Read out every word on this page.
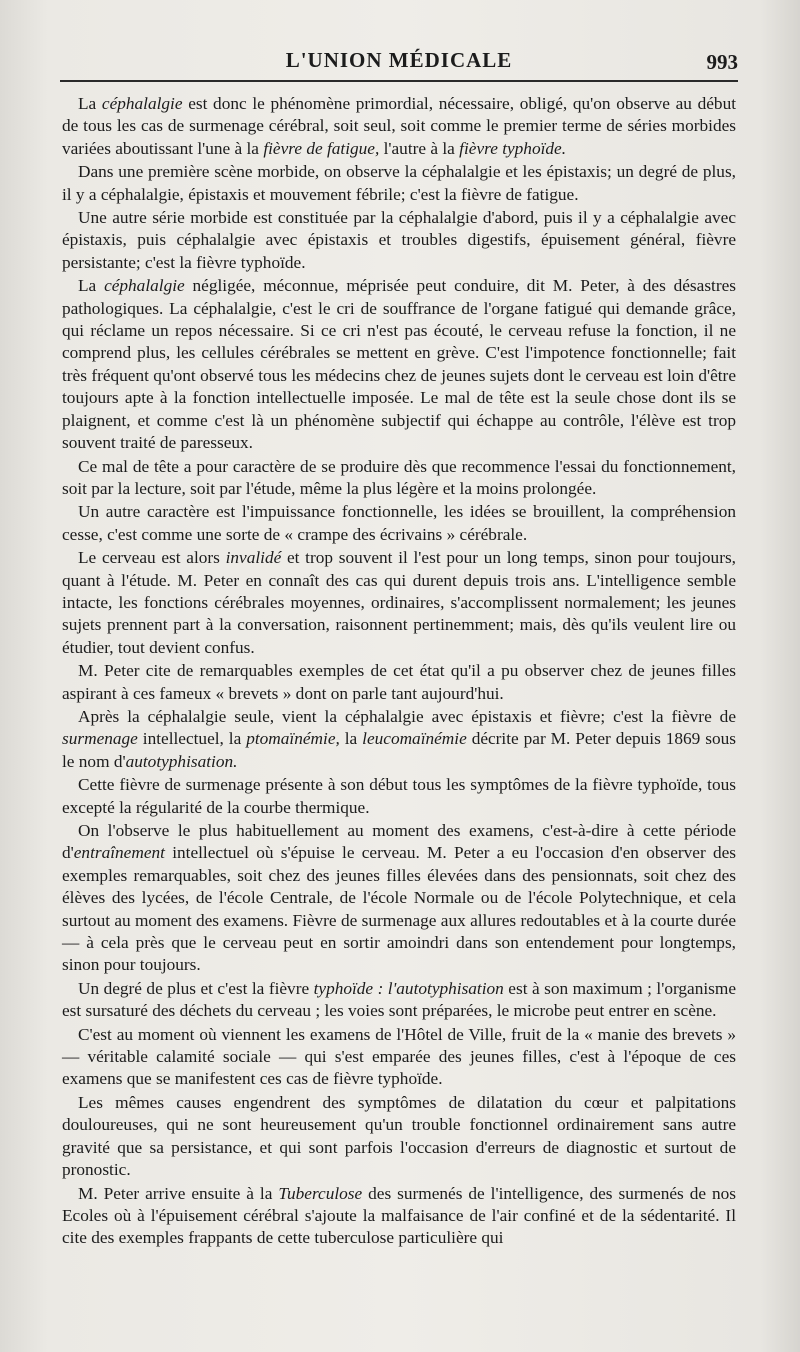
L'UNION MÉDICALE	993

La céphalalgie est donc le phénomène primordial, nécessaire, obligé, qu'on observe au début de tous les cas de surmenage cérébral, soit seul, soit comme le premier terme de séries morbides variées aboutissant l'une à la fièvre de fatigue, l'autre à la fièvre typhoïde.

Dans une première scène morbide, on observe la céphalalgie et les épistaxis; un degré de plus, il y a céphalalgie, épistaxis et mouvement fébrile; c'est la fièvre de fatigue.

Une autre série morbide est constituée par la céphalalgie d'abord, puis il y a céphalalgie avec épistaxis, puis céphalalgie avec épistaxis et troubles digestifs, épuisement général, fièvre persistante; c'est la fièvre typhoïde.

La céphalalgie négligée, méconnue, méprisée peut conduire, dit M. Peter, à des désastres pathologiques. La céphalalgie, c'est le cri de souffrance de l'organe fatigué qui demande grâce, qui réclame un repos nécessaire. Si ce cri n'est pas écouté, le cerveau refuse la fonction, il ne comprend plus, les cellules cérébrales se mettent en grève. C'est l'impotence fonctionnelle; fait très fréquent qu'ont observé tous les médecins chez de jeunes sujets dont le cerveau est loin d'être toujours apte à la fonction intellectuelle imposée. Le mal de tête est la seule chose dont ils se plaignent, et comme c'est là un phénomène subjectif qui échappe au contrôle, l'élève est trop souvent traité de paresseux.

Ce mal de tête a pour caractère de se produire dès que recommence l'essai du fonctionnement, soit par la lecture, soit par l'étude, même la plus légère et la moins prolongée.

Un autre caractère est l'impuissance fonctionnelle, les idées se brouillent, la compréhension cesse, c'est comme une sorte de « crampe des écrivains » cérébrale.

Le cerveau est alors invalidé et trop souvent il l'est pour un long temps, sinon pour toujours, quant à l'étude. M. Peter en connaît des cas qui durent depuis trois ans. L'intelligence semble intacte, les fonctions cérébrales moyennes, ordinaires, s'accomplissent normalement; les jeunes sujets prennent part à la conversation, raisonnent pertinemment; mais, dès qu'ils veulent lire ou étudier, tout devient confus.

M. Peter cite de remarquables exemples de cet état qu'il a pu observer chez de jeunes filles aspirant à ces fameux « brevets » dont on parle tant aujourd'hui.

Après la céphalalgie seule, vient la céphalalgie avec épistaxis et fièvre; c'est la fièvre de surmenage intellectuel, la ptomaïnémie, la leucomaïnémie décrite par M. Peter depuis 1869 sous le nom d'autotyphisation.

Cette fièvre de surmenage présente à son début tous les symptômes de la fièvre typhoïde, tous excepté la régularité de la courbe thermique.

On l'observe le plus habituellement au moment des examens, c'est-à-dire à cette période d'entraînement intellectuel où s'épuise le cerveau. M. Peter a eu l'occasion d'en observer des exemples remarquables, soit chez des jeunes filles élevées dans des pensionnats, soit chez des élèves des lycées, de l'école Centrale, de l'école Normale ou de l'école Polytechnique, et cela surtout au moment des examens. Fièvre de surmenage aux allures redoutables et à la courte durée — à cela près que le cerveau peut en sortir amoindri dans son entendement pour longtemps, sinon pour toujours.

Un degré de plus et c'est la fièvre typhoïde : l'autotyphisation est à son maximum ; l'organisme est sursaturé des déchets du cerveau ; les voies sont préparées, le microbe peut entrer en scène.

C'est au moment où viennent les examens de l'Hôtel de Ville, fruit de la « manie des brevets » — véritable calamité sociale — qui s'est emparée des jeunes filles, c'est à l'époque de ces examens que se manifestent ces cas de fièvre typhoïde.

Les mêmes causes engendrent des symptômes de dilatation du cœur et palpitations douloureuses, qui ne sont heureusement qu'un trouble fonctionnel ordinairement sans autre gravité que sa persistance, et qui sont parfois l'occasion d'erreurs de diagnostic et surtout de pronostic.

M. Peter arrive ensuite à la Tuberculose des surmenés de l'intelligence, des surmenés de nos Ecoles où à l'épuisement cérébral s'ajoute la malfaisance de l'air confiné et de la sédentarité. Il cite des exemples frappants de cette tuberculose particulière qui
